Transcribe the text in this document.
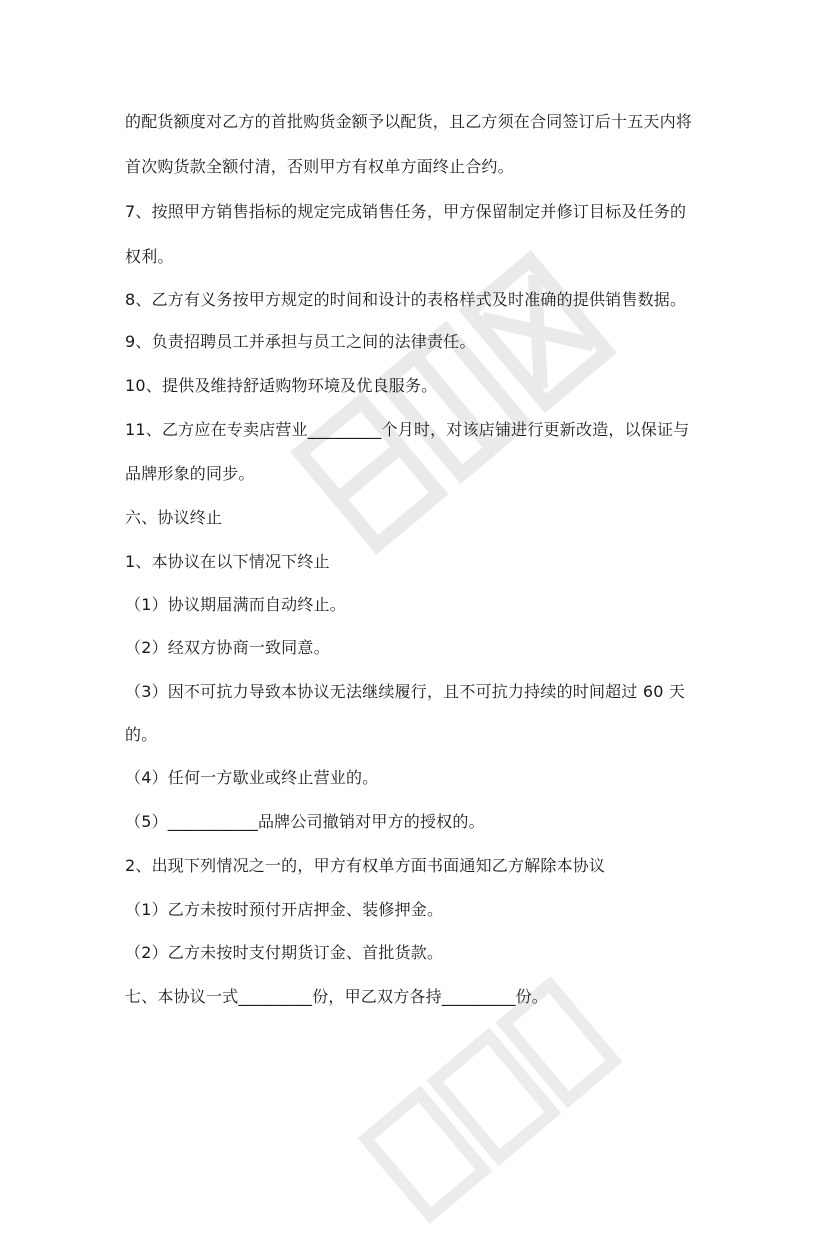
的配货额度对乙方的首批购货金额予以配货，且乙方须在合同签订后十五天内将
首次购货款全额付清，否则甲方有权单方面终止合约。
7、按照甲方销售指标的规定完成销售任务，甲方保留制定并修订目标及任务的
权利。
8、乙方有义务按甲方规定的时间和设计的表格样式及时准确的提供销售数据。
9、负责招聘员工并承担与员工之间的法律责任。
10、提供及维持舒适购物环境及优良服务。
11、乙方应在专卖店营业_________个月时，对该店铺进行更新改造，以保证与
品牌形象的同步。
六、协议终止
1、本协议在以下情况下终止
（1）协议期届满而自动终止。
（2）经双方协商一致同意。
（3）因不可抗力导致本协议无法继续履行，且不可抗力持续的时间超过 60 天
的。
（4）任何一方歇业或终止营业的。
（5）___________品牌公司撤销对甲方的授权的。
2、出现下列情况之一的，甲方有权单方面书面通知乙方解除本协议
（1）乙方未按时预付开店押金、装修押金。
（2）乙方未按时支付期货订金、首批货款。
七、本协议一式_________份，甲乙双方各持_________份。
